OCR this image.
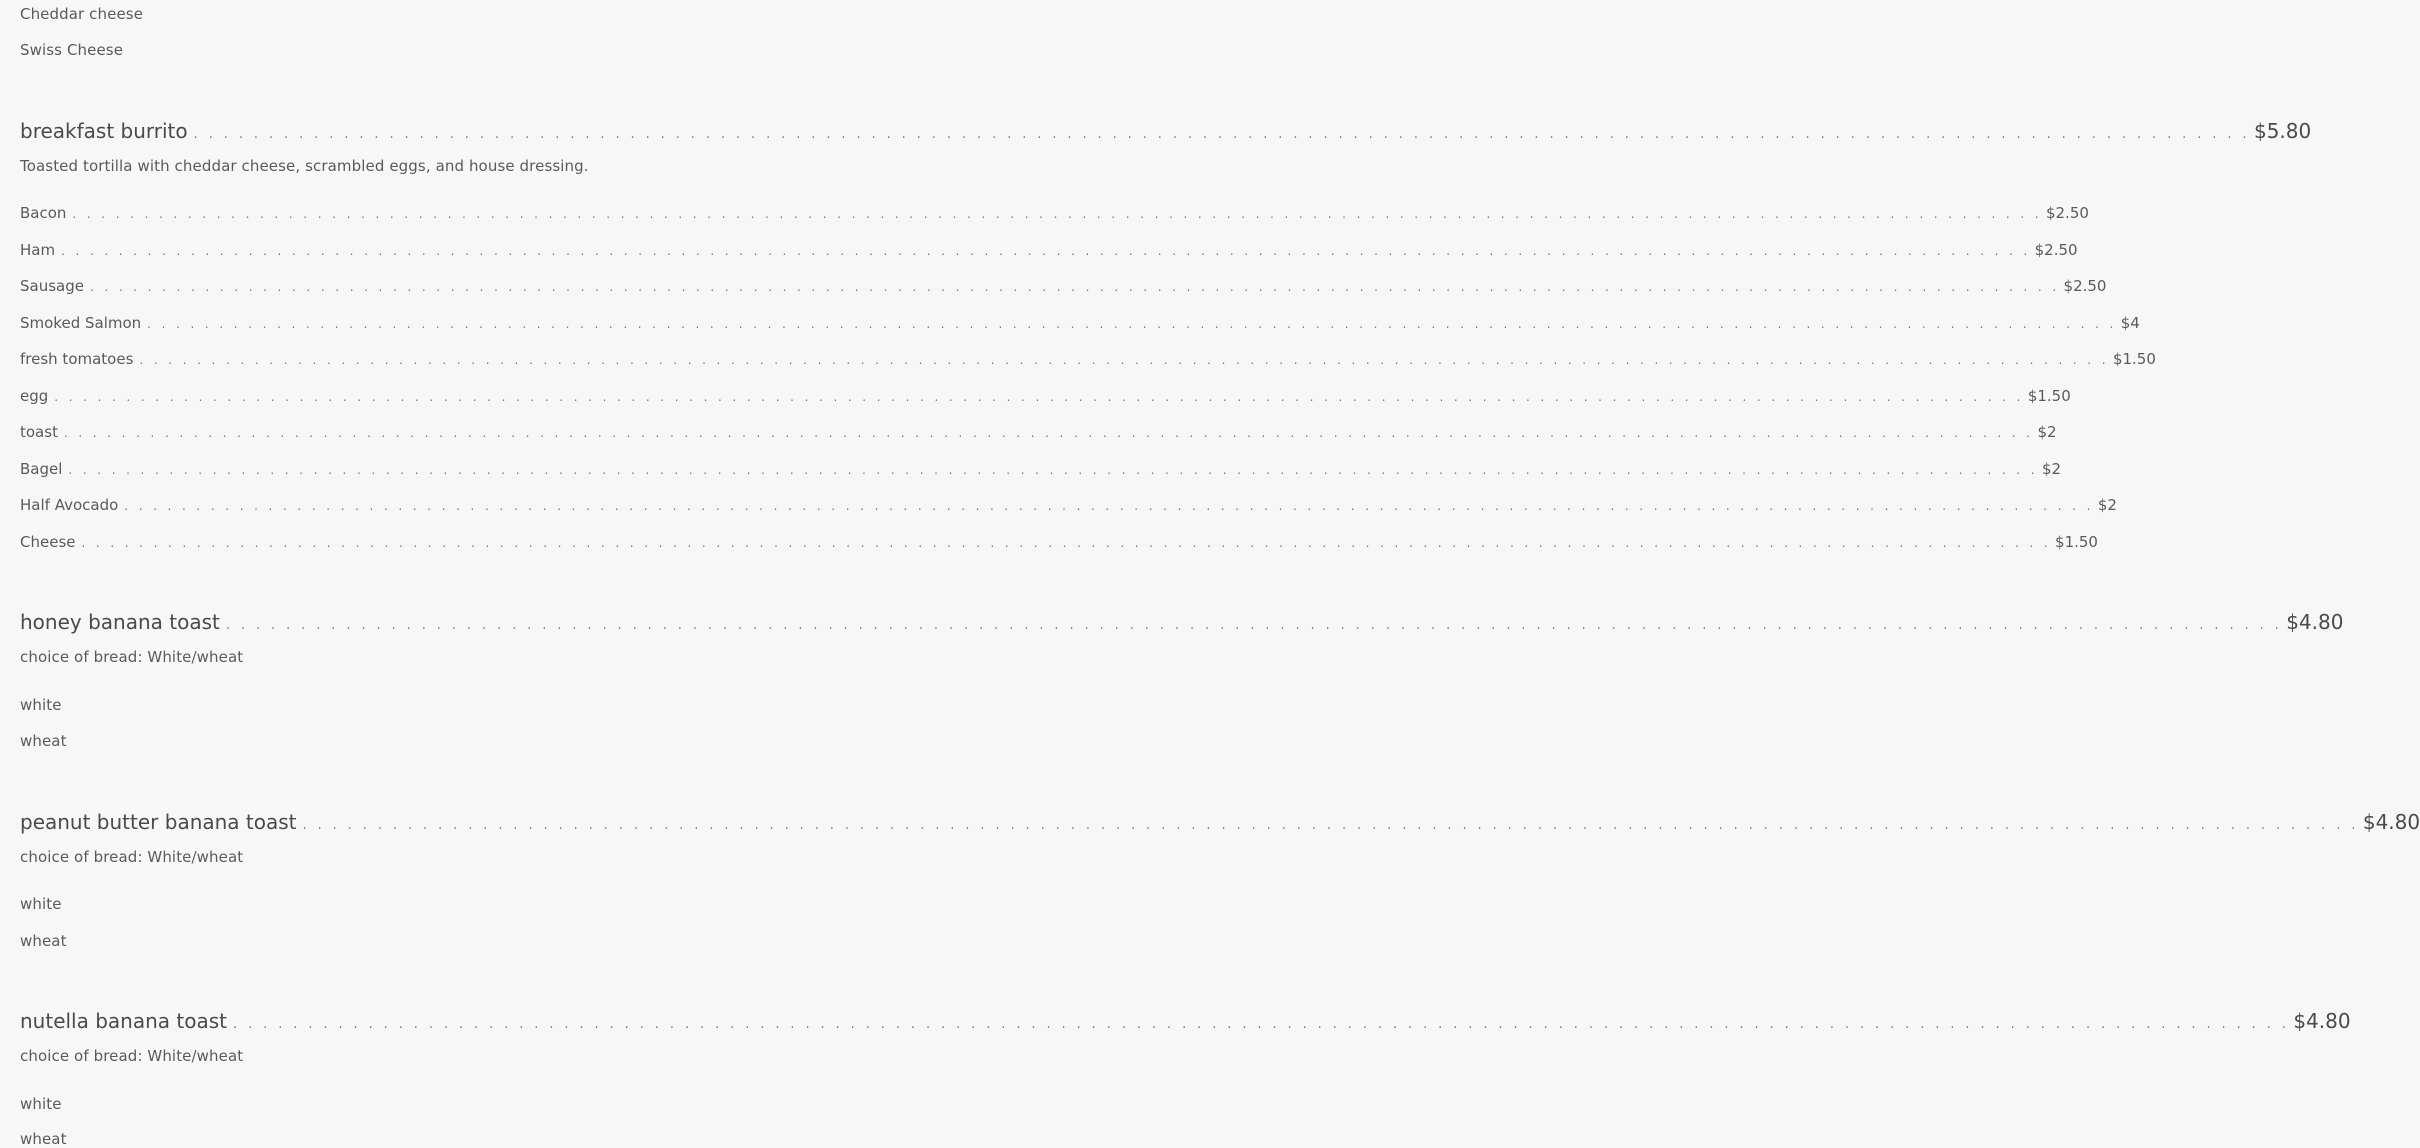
Cheddar cheese
Swiss Cheese
breakfast burrito . . . . . . . . . . . . . . . . . . . . . . . . . . . . . . . . . . . . . . . . . . . . . . . . . . . . . . . . . . . . . . . . . . . . . . . . . . . . . . . . . . . . . . . . . . . . . . . . . . . . . . . . . . . . . . . . . . . . . . . . . . . . . . . . . . . . . . . . . $5.80
Toasted tortilla with cheddar cheese, scrambled eggs, and house dressing.
Bacon . . . . . . . . . . . . . . . . . . . . . . . . . . . . . . . . . . . . . . . . . . . . . . . . . . . . . . . . . . . . . . . . . . . . . . . . . . . . . . . . . . . . . . . . . . . . . . . . . . . . . . . . . . . . . . . . . . . . . . . . . . . . . . . . . . . . . . . . . $2.50
Ham . . . . . . . . . . . . . . . . . . . . . . . . . . . . . . . . . . . . . . . . . . . . . . . . . . . . . . . . . . . . . . . . . . . . . . . . . . . . . . . . . . . . . . . . . . . . . . . . . . . . . . . . . . . . . . . . . . . . . . . . . . . . . . . . . . . . . . . . . $2.50
Sausage . . . . . . . . . . . . . . . . . . . . . . . . . . . . . . . . . . . . . . . . . . . . . . . . . . . . . . . . . . . . . . . . . . . . . . . . . . . . . . . . . . . . . . . . . . . . . . . . . . . . . . . . . . . . . . . . . . . . . . . . . . . . . . . . . . . . . . . . . $2.50
Smoked Salmon . . . . . . . . . . . . . . . . . . . . . . . . . . . . . . . . . . . . . . . . . . . . . . . . . . . . . . . . . . . . . . . . . . . . . . . . . . . . . . . . . . . . . . . . . . . . . . . . . . . . . . . . . . . . . . . . . . . . . . . . . . . . . . . . . . . . . . . . . $4
fresh tomatoes . . . . . . . . . . . . . . . . . . . . . . . . . . . . . . . . . . . . . . . . . . . . . . . . . . . . . . . . . . . . . . . . . . . . . . . . . . . . . . . . . . . . . . . . . . . . . . . . . . . . . . . . . . . . . . . . . . . . . . . . . . . . . . . . . . . . . . . . . $1.50
egg . . . . . . . . . . . . . . . . . . . . . . . . . . . . . . . . . . . . . . . . . . . . . . . . . . . . . . . . . . . . . . . . . . . . . . . . . . . . . . . . . . . . . . . . . . . . . . . . . . . . . . . . . . . . . . . . . . . . . . . . . . . . . . . . . . . . . . . . . $1.50
toast . . . . . . . . . . . . . . . . . . . . . . . . . . . . . . . . . . . . . . . . . . . . . . . . . . . . . . . . . . . . . . . . . . . . . . . . . . . . . . . . . . . . . . . . . . . . . . . . . . . . . . . . . . . . . . . . . . . . . . . . . . . . . . . . . . . . . . . . . $2
Bagel . . . . . . . . . . . . . . . . . . . . . . . . . . . . . . . . . . . . . . . . . . . . . . . . . . . . . . . . . . . . . . . . . . . . . . . . . . . . . . . . . . . . . . . . . . . . . . . . . . . . . . . . . . . . . . . . . . . . . . . . . . . . . . . . . . . . . . . . . $2
Half Avocado . . . . . . . . . . . . . . . . . . . . . . . . . . . . . . . . . . . . . . . . . . . . . . . . . . . . . . . . . . . . . . . . . . . . . . . . . . . . . . . . . . . . . . . . . . . . . . . . . . . . . . . . . . . . . . . . . . . . . . . . . . . . . . . . . . . . . . . . . $2
Cheese . . . . . . . . . . . . . . . . . . . . . . . . . . . . . . . . . . . . . . . . . . . . . . . . . . . . . . . . . . . . . . . . . . . . . . . . . . . . . . . . . . . . . . . . . . . . . . . . . . . . . . . . . . . . . . . . . . . . . . . . . . . . . . . . . . . . . . . . . $1.50
honey banana toast . . . . . . . . . . . . . . . . . . . . . . . . . . . . . . . . . . . . . . . . . . . . . . . . . . . . . . . . . . . . . . . . . . . . . . . . . . . . . . . . . . . . . . . . . . . . . . . . . . . . . . . . . . . . . . . . . . . . . . . . . . . . . . . . . . . . . . . . . $4.80
choice of bread: White/wheat
white
wheat
peanut butter banana toast . . . . . . . . . . . . . . . . . . . . . . . . . . . . . . . . . . . . . . . . . . . . . . . . . . . . . . . . . . . . . . . . . . . . . . . . . . . . . . . . . . . . . . . . . . . . . . . . . . . . . . . . . . . . . . . . . . . . . . . . . . . . . . . . . . . . . . . . . $4.80
choice of bread: White/wheat
white
wheat
nutella banana toast . . . . . . . . . . . . . . . . . . . . . . . . . . . . . . . . . . . . . . . . . . . . . . . . . . . . . . . . . . . . . . . . . . . . . . . . . . . . . . . . . . . . . . . . . . . . . . . . . . . . . . . . . . . . . . . . . . . . . . . . . . . . . . . . . . . . . . . . . $4.80
choice of bread: White/wheat
white
wheat
